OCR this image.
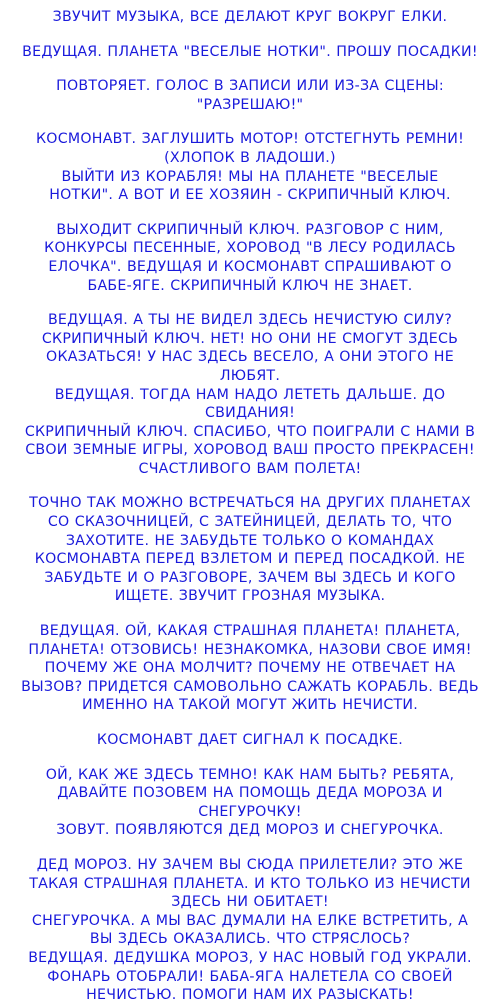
ЗВУЧИТ МУЗЫКА, ВСЕ ДЕЛАЮТ КРУГ ВОКРУГ ЕЛКИ.

ВЕДУЩАЯ. ПЛАНЕТА "ВЕСЕЛЫЕ НОТКИ". ПРОШУ ПОСАДКИ!

ПОВТОРЯЕТ. ГОЛОС В ЗАПИСИ ИЛИ ИЗ-ЗА СЦЕНЫ:
"РАЗРЕШАЮ!"

КОСМОНАВТ. ЗАГЛУШИТЬ МОТОР! ОТСТЕГНУТЬ РЕМНИ!
(ХЛОПОК В ЛАДОШИ.)
ВЫЙТИ ИЗ КОРАБЛЯ! МЫ НА ПЛАНЕТЕ "ВЕСЕЛЫЕ
НОТКИ". А ВОТ И ЕЕ ХОЗЯИН - СКРИПИЧНЫЙ КЛЮЧ.

ВЫХОДИТ СКРИПИЧНЫЙ КЛЮЧ. РАЗГОВОР С НИМ,
КОНКУРСЫ ПЕСЕННЫЕ, ХОРОВОД "В ЛЕСУ РОДИЛАСЬ
ЕЛОЧКА". ВЕДУЩАЯ И КОСМОНАВТ СПРАШИВАЮТ О
БАБЕ-ЯГЕ. СКРИПИЧНЫЙ КЛЮЧ НЕ ЗНАЕТ.

ВЕДУЩАЯ. А ТЫ НЕ ВИДЕЛ ЗДЕСЬ НЕЧИСТУЮ СИЛУ?
СКРИПИЧНЫЙ КЛЮЧ. НЕТ! НО ОНИ НЕ СМОГУТ ЗДЕСЬ
ОКАЗАТЬСЯ! У НАС ЗДЕСЬ ВЕСЕЛО, А ОНИ ЭТОГО НЕ
ЛЮБЯТ.
ВЕДУЩАЯ. ТОГДА НАМ НАДО ЛЕТЕТЬ ДАЛЬШЕ. ДО
СВИДАНИЯ!
СКРИПИЧНЫЙ КЛЮЧ. СПАСИБО, ЧТО ПОИГРАЛИ С НАМИ В
СВОИ ЗЕМНЫЕ ИГРЫ, ХОРОВОД ВАШ ПРОСТО ПРЕКРАСЕН!
СЧАСТЛИВОГО ВАМ ПОЛЕТА!

ТОЧНО ТАК МОЖНО ВСТРЕЧАТЬСЯ НА ДРУГИХ ПЛАНЕТАХ
СО СКАЗОЧНИЦЕЙ, С ЗАТЕЙНИЦЕЙ, ДЕЛАТЬ ТО, ЧТО
ЗАХОТИТЕ. НЕ ЗАБУДЬТЕ ТОЛЬКО О КОМАНДАХ
КОСМОНАВТА ПЕРЕД ВЗЛЕТОМ И ПЕРЕД ПОСАДКОЙ. НЕ
ЗАБУДЬТЕ И О РАЗГОВОРЕ, ЗАЧЕМ ВЫ ЗДЕСЬ И КОГО
ИЩЕТЕ. ЗВУЧИТ ГРОЗНАЯ МУЗЫКА.

ВЕДУЩАЯ. ОЙ, КАКАЯ СТРАШНАЯ ПЛАНЕТА! ПЛАНЕТА,
ПЛАНЕТА! ОТЗОВИСЬ! НЕЗНАКОМКА, НАЗОВИ СВОЕ ИМЯ!
ПОЧЕМУ ЖЕ ОНА МОЛЧИТ? ПОЧЕМУ НЕ ОТВЕЧАЕТ НА
ВЫЗОВ? ПРИДЕТСЯ САМОВОЛЬНО САЖАТЬ КОРАБЛЬ. ВЕДЬ
ИМЕННО НА ТАКОЙ МОГУТ ЖИТЬ НЕЧИСТИ.

КОСМОНАВТ ДАЕТ СИГНАЛ К ПОСАДКЕ.

ОЙ, КАК ЖЕ ЗДЕСЬ ТЕМНО! КАК НАМ БЫТЬ? РЕБЯТА,
ДАВАЙТЕ ПОЗОВЕМ НА ПОМОЩЬ ДЕДА МОРОЗА И
СНЕГУРОЧКУ!
ЗОВУТ. ПОЯВЛЯЮТСЯ ДЕД МОРОЗ И СНЕГУРОЧКА.

ДЕД МОРОЗ. НУ ЗАЧЕМ ВЫ СЮДА ПРИЛЕТЕЛИ? ЭТО ЖЕ
ТАКАЯ СТРАШНАЯ ПЛАНЕТА. И КТО ТОЛЬКО ИЗ НЕЧИСТИ
ЗДЕСЬ НИ ОБИТАЕТ!
СНЕГУРОЧКА. А МЫ ВАС ДУМАЛИ НА ЕЛКЕ ВСТРЕТИТЬ, А
ВЫ ЗДЕСЬ ОКАЗАЛИСЬ. ЧТО СТРЯСЛОСЬ?
ВЕДУЩАЯ. ДЕДУШКА МОРОЗ, У НАС НОВЫЙ ГОД УКРАЛИ.
ФОНАРЬ ОТОБРАЛИ! БАБА-ЯГА НАЛЕТЕЛА СО СВОЕЙ
НЕЧИСТЬЮ. ПОМОГИ НАМ ИХ РАЗЫСКАТЬ!
